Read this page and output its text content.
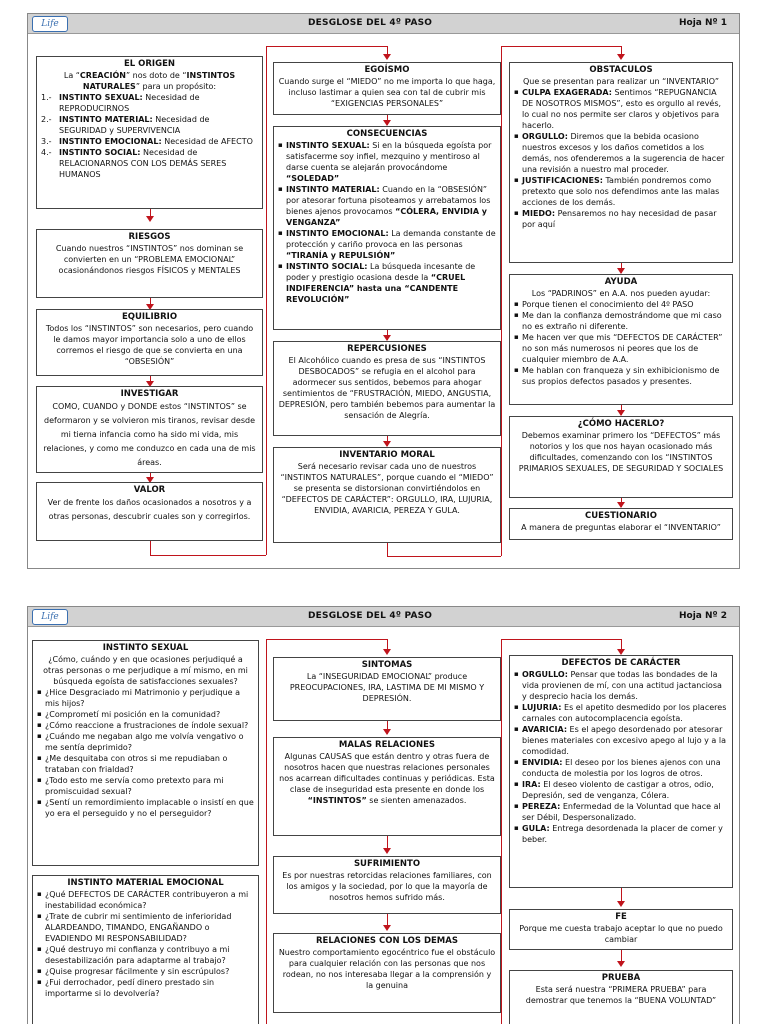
Life	DESGLOSE DEL 4º PASO	Hoja Nº 1
EL ORIGEN
La “CREACIÓN” nos doto de “INSTINTOS NATURALES” para un propósito:
1.- INSTINTO SEXUAL: Necesidad de REPRODUCIRNOS
2.- INSTINTO MATERIAL: Necesidad de SEGURIDAD y SUPERVIVENCIA
3.- INSTINTO EMOCIONAL: Necesidad de AFECTO
4.- INSTINTO SOCIAL: Necesidad de RELACIONARNOS CON LOS DEMÁS SERES HUMANOS
RIESGOS
Cuando nuestros “INSTINTOS” nos dominan se convierten en un “PROBLEMA EMOCIONAL” ocasionándonos riesgos FÍSICOS y MENTALES
EQUILIBRIO
Todos los “INSTINTOS” son necesarios, pero cuando le damos mayor importancia solo a uno de ellos corremos el riesgo de que se convierta en una “OBSESIÓN”
INVESTIGAR
COMO, CUANDO y DONDE estos “INSTINTOS” se deformaron y se volvieron mis tiranos, revisar desde mi tierna infancia como ha sido mi vida, mis relaciones, y como me conduzco en cada una de mis áreas.
VALOR
Ver de frente los daños ocasionados a nosotros y a otras personas, descubrir cuales son y corregirlos.
EGOÍSMO
Cuando surge el “MIEDO” no me importa lo que haga, incluso lastimar a quien sea con tal de cubrir mis “EXIGENCIAS PERSONALES”
CONSECUENCIAS
▪ INSTINTO SEXUAL: Si en la búsqueda egoísta por satisfacerme soy infiel, mezquino y mentiroso al darse cuenta se alejarán provocándome “SOLEDAD”
▪ INSTINTO MATERIAL: Cuando en la “OBSESIÓN” por atesorar fortuna pisoteamos y arrebatamos los bienes ajenos provocamos “CÓLERA, ENVIDIA y VENGANZA”
▪ INSTINTO EMOCIONAL: La demanda constante de protección y cariño provoca en las personas “TIRANÍA y REPULSIÓN”
▪ INSTINTO SOCIAL: La búsqueda incesante de poder y prestigio ocasiona desde la “CRUEL INDIFERENCIA” hasta una “CANDENTE REVOLUCIÓN”
REPERCUSIONES
El Alcohólico cuando es presa de sus “INSTINTOS DESBOCADOS” se refugia en el alcohol para adormecer sus sentidos, bebemos para ahogar sentimientos de “FRUSTRACIÓN, MIEDO, ANGUSTIA, DEPRESIÓN, pero también bebemos para aumentar la sensación de Alegría.
INVENTARIO MORAL
Será necesario revisar cada uno de nuestros “INSTINTOS NATURALES”, porque cuando el “MIEDO” se presenta se distorsionan convirtiéndolos en “DEFECTOS DE CARÁCTER”: ORGULLO, IRA, LUJURIA, ENVIDIA, AVARICIA, PEREZA Y GULA.
OBSTACULOS
Que se presentan para realizar un “INVENTARIO”
▪ CULPA EXAGERADA: Sentimos “REPUGNANCIA DE NOSOTROS MISMOS”, esto es orgullo al revés, lo cual no nos permite ser claros y objetivos para hacerlo.
▪ ORGULLO: Diremos que la bebida ocasiono nuestros excesos y los daños cometidos a los demás, nos ofenderemos a la sugerencia de hacer una revisión a nuestro mal proceder.
▪ JUSTIFICACIONES: También pondremos como pretexto que solo nos defendimos ante las malas acciones de los demás.
▪ MIEDO: Pensaremos no hay necesidad de pasar por aquí
AYUDA
Los “PADRINOS” en A.A. nos pueden ayudar:
▪ Porque tienen el conocimiento del 4º PASO
▪ Me dan la confianza demostrándome que mi caso no es extraño ni diferente.
▪ Me hacen ver que mis “DEFECTOS DE CARÁCTER” no son más numerosos ni peores que los de cualquier miembro de A.A.
▪ Me hablan con franqueza y sin exhibicionismo de sus propios defectos pasados y presentes.
¿CÓMO HACERLO?
Debemos examinar primero los “DEFECTOS” más notorios y los que nos hayan ocasionado más dificultades, comenzando con los “INSTINTOS PRIMARIOS SEXUALES, DE SEGURIDAD Y SOCIALES
CUESTIONARIO
A manera de preguntas elaborar el “INVENTARIO”
Life	DESGLOSE DEL 4º PASO	Hoja Nº 2
INSTINTO SEXUAL
¿Cómo, cuándo y en que ocasiones perjudiqué a otras personas o me perjudique a mí mismo, en mi búsqueda egoísta de satisfacciones sexuales?
▪ ¿Hice Desgraciado mi Matrimonio y perjudique a mis hijos?
▪ ¿Comprometí mi posición en la comunidad?
▪ ¿Cómo reaccione a frustraciones de índole sexual?
▪ ¿Cuándo me negaban algo me volvía vengativo o me sentía deprimido?
▪ ¿Me desquitaba con otros si me repudiaban o trataban con frialdad?
▪ ¿Todo esto me servía como pretexto para mi promiscuidad sexual?
▪ ¿Sentí un remordimiento implacable o insistí en que yo era el perseguido y no el perseguidor?
INSTINTO MATERIAL EMOCIONAL
▪ ¿Qué DEFECTOS DE CARÁCTER contribuyeron a mi inestabilidad económica?
▪ ¿Trate de cubrir mi sentimiento de inferioridad ALARDEANDO, TIMANDO, ENGAÑANDO o EVADIENDO MI RESPONSABILIDAD?
▪ ¿Qué destruyo mi confianza y contribuyo a mi desestabilización para adaptarme al trabajo?
▪ ¿Quise progresar fácilmente y sin escrúpulos?
▪ ¿Fui derrochador, pedí dinero prestado sin importarme si lo devolvería?
SINTOMAS
La “INSEGURIDAD EMOCIONAL” produce PREOCUPACIONES, IRA, LASTIMA DE MI MISMO Y DEPRESIÓN.
MALAS RELACIONES
Algunas CAUSAS que están dentro y otras fuera de nosotros hacen que nuestras relaciones personales nos acarrean dificultades continuas y periódicas. Esta clase de inseguridad esta presente en donde los “INSTINTOS” se sienten amenazados.
SUFRIMIENTO
Es por nuestras retorcidas relaciones familiares, con los amigos y la sociedad, por lo que la mayoría de nosotros hemos sufrido más.
RELACIONES CON LOS DEMAS
Nuestro comportamiento egocéntrico fue el obstáculo para cualquier relación con las personas que nos rodean, no nos interesaba llegar a la comprensión y la genuina
DEFECTOS DE CARÁCTER
▪ ORGULLO: Pensar que todas las bondades de la vida provienen de mí, con una actitud jactanciosa y desprecio hacia los demás.
▪ LUJURIA: Es el apetito desmedido por los placeres carnales con autocomplacencia egoísta.
▪ AVARICIA: Es el apego desordenado por atesorar bienes materiales con excesivo apego al lujo y a la comodidad.
▪ ENVIDIA: El deseo por los bienes ajenos con una conducta de molestia por los logros de otros.
▪ IRA: El deseo violento de castigar a otros, odio, Depresión, sed de venganza, Cólera.
▪ PEREZA: Enfermedad de la Voluntad que hace al ser Débil, Despersonalizado.
▪ GULA: Entrega desordenada la placer de comer y beber.
FE
Porque me cuesta trabajo aceptar lo que no puedo cambiar
PRUEBA
Esta será nuestra “PRIMERA PRUEBA” para demostrar que tenemos la “BUENA VOLUNTAD”
